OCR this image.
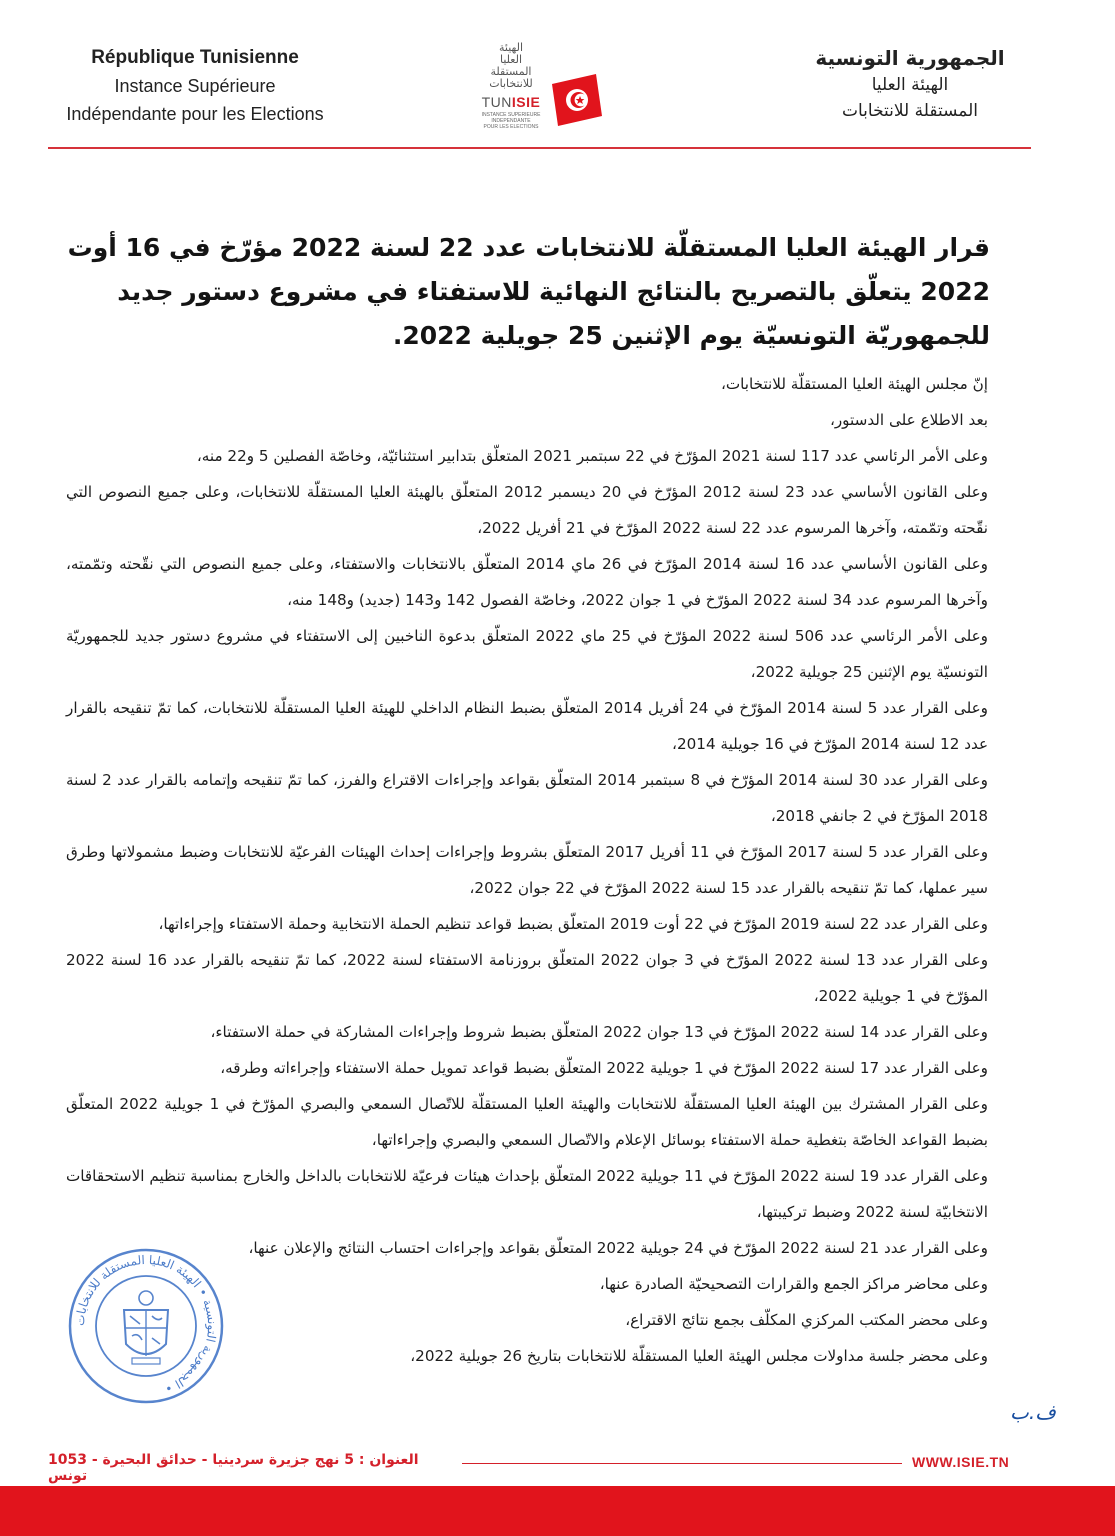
République Tunisienne
Instance Supérieure
Indépendante pour les Elections
الهيئة
العليا
المستقلة
للانتخابات
TUNISIE
INSTANCE SUPERIEURE
INDEPENDANTE
POUR LES ELECTIONS
الجمهورية التونسية
الهيئة العليا
المستقلة للانتخابات
قرار الهيئة العليا المستقلّة للانتخابات عدد 22 لسنة 2022 مؤرّخ في 16 أوت 2022 يتعلّق بالتصريح بالنتائج النهائية للاستفتاء في مشروع دستور جديد للجمهوريّة التونسيّة يوم الإثنين 25 جويلية 2022.

إنّ مجلس الهيئة العليا المستقلّة للانتخابات،

بعد الاطلاع على الدستور،

وعلى الأمر الرئاسي عدد 117 لسنة 2021 المؤرّخ في 22 سبتمبر 2021 المتعلّق بتدابير استثنائيّة، وخاصّة الفصلين 5 و22 منه،

وعلى القانون الأساسي عدد 23 لسنة 2012 المؤرّخ في 20 ديسمبر 2012 المتعلّق بالهيئة العليا المستقلّة للانتخابات، وعلى جميع النصوص التي نقّحته وتمّمته، وآخرها المرسوم عدد 22 لسنة 2022 المؤرّخ في 21 أفريل 2022،

وعلى القانون الأساسي عدد 16 لسنة 2014 المؤرّخ في 26 ماي 2014 المتعلّق بالانتخابات والاستفتاء، وعلى جميع النصوص التي نقّحته وتمّمته، وآخرها المرسوم عدد 34 لسنة 2022 المؤرّخ في 1 جوان 2022، وخاصّة الفصول 142 و143 (جديد) و148 منه،

وعلى الأمر الرئاسي عدد 506 لسنة 2022 المؤرّخ في 25 ماي 2022 المتعلّق بدعوة الناخبين إلى الاستفتاء في مشروع دستور جديد للجمهوريّة التونسيّة يوم الإثنين 25 جويلية 2022،

وعلى القرار عدد 5 لسنة 2014 المؤرّخ في 24 أفريل 2014 المتعلّق بضبط النظام الداخلي للهيئة العليا المستقلّة للانتخابات، كما تمّ تنقيحه بالقرار عدد 12 لسنة 2014 المؤرّخ في 16 جويلية 2014،

وعلى القرار عدد 30 لسنة 2014 المؤرّخ في 8 سبتمبر 2014 المتعلّق بقواعد وإجراءات الاقتراع والفرز، كما تمّ تنقيحه وإتمامه بالقرار عدد 2 لسنة 2018 المؤرّخ في 2 جانفي 2018،

وعلى القرار عدد 5 لسنة 2017 المؤرّخ في 11 أفريل 2017 المتعلّق بشروط وإجراءات إحداث الهيئات الفرعيّة للانتخابات وضبط مشمولاتها وطرق سير عملها، كما تمّ تنقيحه بالقرار عدد 15 لسنة 2022 المؤرّخ في 22 جوان 2022،

وعلى القرار عدد 22 لسنة 2019 المؤرّخ في 22 أوت 2019 المتعلّق بضبط قواعد تنظيم الحملة الانتخابية وحملة الاستفتاء وإجراءاتها،

وعلى القرار عدد 13 لسنة 2022 المؤرّخ في 3 جوان 2022 المتعلّق بروزنامة الاستفتاء لسنة 2022، كما تمّ تنقيحه بالقرار عدد 16 لسنة 2022 المؤرّخ في 1 جويلية 2022،

وعلى القرار عدد 14 لسنة 2022 المؤرّخ في 13 جوان 2022 المتعلّق بضبط شروط وإجراءات المشاركة في حملة الاستفتاء،

وعلى القرار عدد 17 لسنة 2022 المؤرّخ في 1 جويلية 2022 المتعلّق بضبط قواعد تمويل حملة الاستفتاء وإجراءاته وطرقه،

وعلى القرار المشترك بين الهيئة العليا المستقلّة للانتخابات والهيئة العليا المستقلّة للاتّصال السمعي والبصري المؤرّخ في 1 جويلية 2022 المتعلّق بضبط القواعد الخاصّة بتغطية حملة الاستفتاء بوسائل الإعلام والاتّصال السمعي والبصري وإجراءاتها،

وعلى القرار عدد 19 لسنة 2022 المؤرّخ في 11 جويلية 2022 المتعلّق بإحداث هيئات فرعيّة للانتخابات بالداخل والخارج بمناسبة تنظيم الاستحقاقات الانتخابيّة لسنة 2022 وضبط تركيبتها،

وعلى القرار عدد 21 لسنة 2022 المؤرّخ في 24 جويلية 2022 المتعلّق بقواعد وإجراءات احتساب النتائج والإعلان عنها،

وعلى محاضر مراكز الجمع والقرارات التصحيحيّة الصادرة عنها،

وعلى محضر المكتب المركزي المكلّف بجمع نتائج الاقتراع،

وعلى محضر جلسة مداولات مجلس الهيئة العليا المستقلّة للانتخابات بتاريخ 26 جويلية 2022،

الجمهورية التونسية • الهيئة العليا المستقلة للانتخابات •
ف.ب
WWW.ISIE.TN
العنوان : 5 نهج جزيرة سردينيا - حدائق البحيرة - 1053 تونس
